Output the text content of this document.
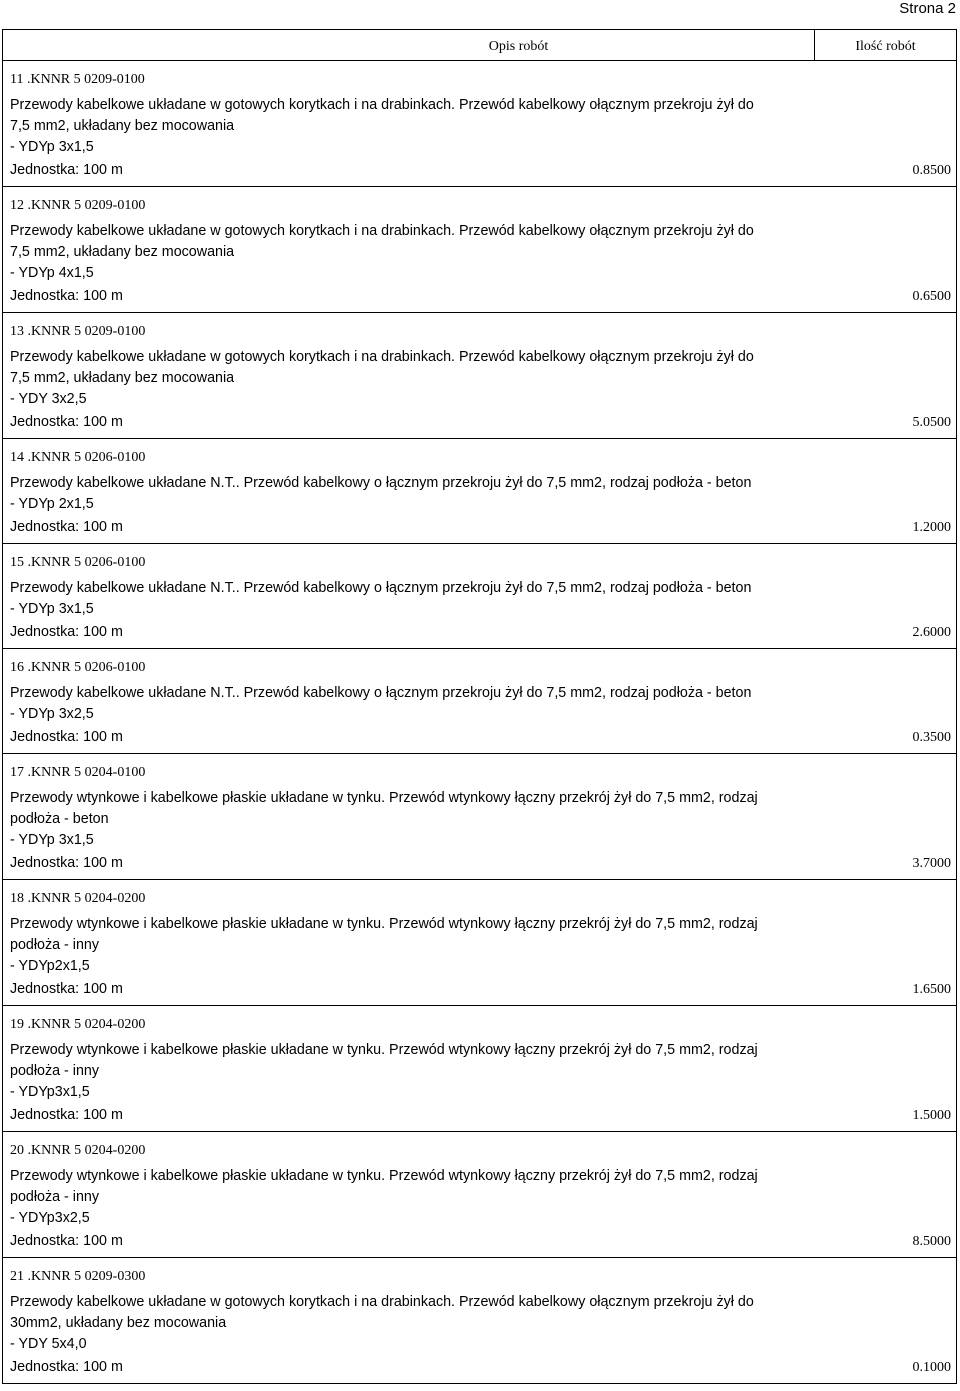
Strona 2
Opis robót	Ilość robót
11 .KNNR 5 0209-0100
Przewody kabelkowe układane w gotowych korytkach i na drabinkach. Przewód kabelkowy ołącznym przekroju żył do
7,5 mm2, układany bez mocowania
- YDYp 3x1,5
Jednostka: 100 m	0.8500
12 .KNNR 5 0209-0100
Przewody kabelkowe układane w gotowych korytkach i na drabinkach. Przewód kabelkowy ołącznym przekroju żył do
7,5 mm2, układany bez mocowania
- YDYp 4x1,5
Jednostka: 100 m	0.6500
13 .KNNR 5 0209-0100
Przewody kabelkowe układane w gotowych korytkach i na drabinkach. Przewód kabelkowy ołącznym przekroju żył do
7,5 mm2, układany bez mocowania
- YDY 3x2,5
Jednostka: 100 m	5.0500
14 .KNNR 5 0206-0100
Przewody kabelkowe układane N.T.. Przewód kabelkowy o łącznym przekroju żył do 7,5 mm2, rodzaj podłoża - beton
- YDYp 2x1,5
Jednostka: 100 m	1.2000
15 .KNNR 5 0206-0100
Przewody kabelkowe układane N.T.. Przewód kabelkowy o łącznym przekroju żył do 7,5 mm2, rodzaj podłoża - beton
- YDYp 3x1,5
Jednostka: 100 m	2.6000
16 .KNNR 5 0206-0100
Przewody kabelkowe układane N.T.. Przewód kabelkowy o łącznym przekroju żył do 7,5 mm2, rodzaj podłoża - beton
- YDYp 3x2,5
Jednostka: 100 m	0.3500
17 .KNNR 5 0204-0100
Przewody wtynkowe i kabelkowe płaskie układane w tynku. Przewód wtynkowy łączny przekrój żył do 7,5 mm2, rodzaj
podłoża - beton
- YDYp 3x1,5
Jednostka: 100 m	3.7000
18 .KNNR 5 0204-0200
Przewody wtynkowe i kabelkowe płaskie układane w tynku. Przewód wtynkowy łączny przekrój żył do 7,5 mm2, rodzaj
podłoża - inny
- YDYp2x1,5
Jednostka: 100 m	1.6500
19 .KNNR 5 0204-0200
Przewody wtynkowe i kabelkowe płaskie układane w tynku. Przewód wtynkowy łączny przekrój żył do 7,5 mm2, rodzaj
podłoża - inny
- YDYp3x1,5
Jednostka: 100 m	1.5000
20 .KNNR 5 0204-0200
Przewody wtynkowe i kabelkowe płaskie układane w tynku. Przewód wtynkowy łączny przekrój żył do 7,5 mm2, rodzaj
podłoża - inny
- YDYp3x2,5
Jednostka: 100 m	8.5000
21 .KNNR 5 0209-0300
Przewody kabelkowe układane w gotowych korytkach i na drabinkach. Przewód kabelkowy ołącznym przekroju żył do
30mm2, układany bez mocowania
- YDY 5x4,0
Jednostka: 100 m	0.1000
